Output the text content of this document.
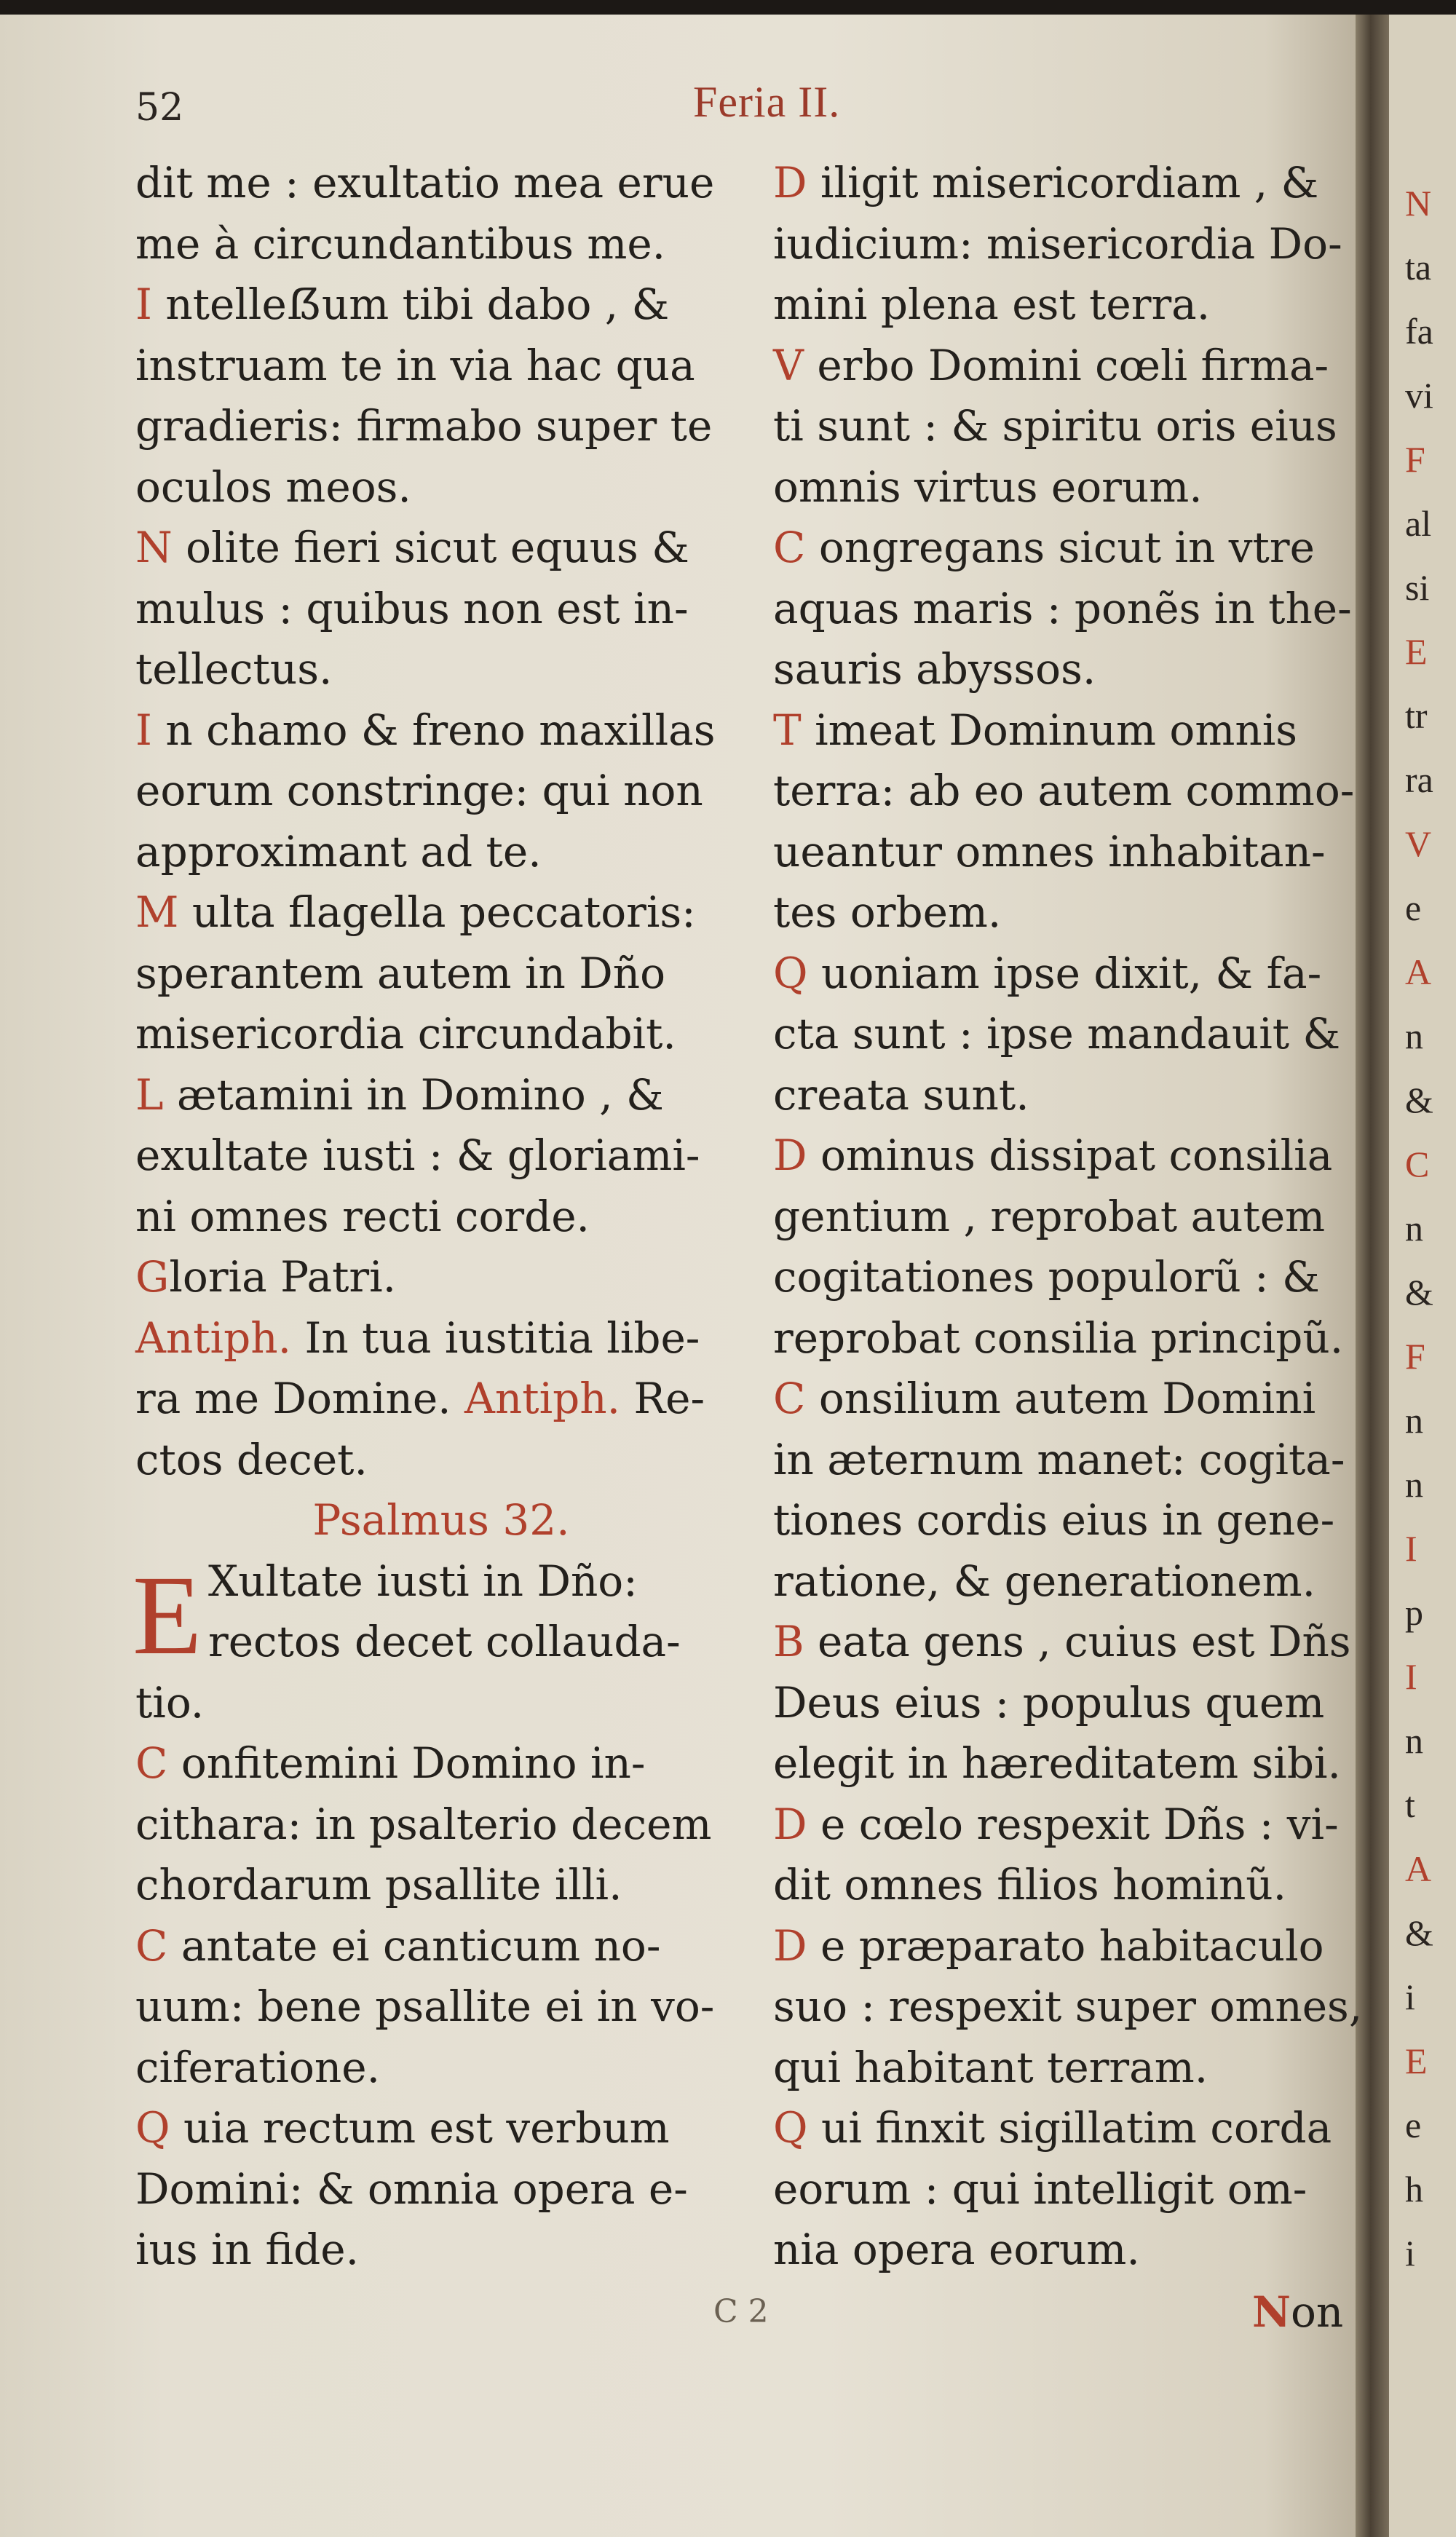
N
ta
fa
vi
F
al
si
E
tr
ra
V
e
A
n
&
C
n
&
F
n
n
I
p
I
n
t
A
&
i
E
e
h
i
52	Feria II.
dit me : exultatio mea erue
me à circundantibus me.
I ntelleẞum tibi dabo , &
instruam te in via hac qua
gradieris: firmabo super te
oculos meos.
N olite fieri sicut equus &
mulus : quibus non est in-
tellectus.
I n chamo & freno maxillas
eorum constringe: qui non
approximant ad te.
M ulta flagella peccatoris:
sperantem autem in Dño
misericordia circundabit.
L ætamini in Domino , &
exultate iusti : & gloriami-
ni omnes recti corde.
Gloria Patri.
Antiph. In tua iustitia libe-
ra me Domine. Antiph. Re-
ctos decet.
Psalmus 32.
E Xultate iusti in Dño:
rectos decet collauda-
tio.
C onfitemini Domino in-
cithara: in psalterio decem
chordarum psallite illi.
C antate ei canticum no-
uum: bene psallite ei in vo-
ciferatione.
Q uia rectum est verbum
Domini: & omnia opera e-
ius in fide.
D iligit misericordiam , &
iudicium: misericordia Do-
mini plena est terra.
V erbo Domini cœli firma-
ti sunt : & spiritu oris eius
omnis virtus eorum.
C ongregans sicut in vtre
aquas maris : ponẽs in the-
sauris abyssos.
T imeat Dominum omnis
terra: ab eo autem commo-
ueantur omnes inhabitan-
tes orbem.
Q uoniam ipse dixit, & fa-
cta sunt : ipse mandauit &
creata sunt.
D ominus dissipat consilia
gentium , reprobat autem
cogitationes populorũ : &
reprobat consilia principũ.
C onsilium autem Domini
in æternum manet: cogita-
tiones cordis eius in gene-
ratione, & generationem.
B eata gens , cuius est Dñs
Deus eius : populus quem
elegit in hæreditatem sibi.
D e cœlo respexit Dñs : vi-
dit omnes filios hominũ.
D e præparato habitaculo
suo : respexit super omnes,
qui habitant terram.
Q ui finxit sigillatim corda
eorum : qui intelligit om-
nia opera eorum.
Non
C 2
